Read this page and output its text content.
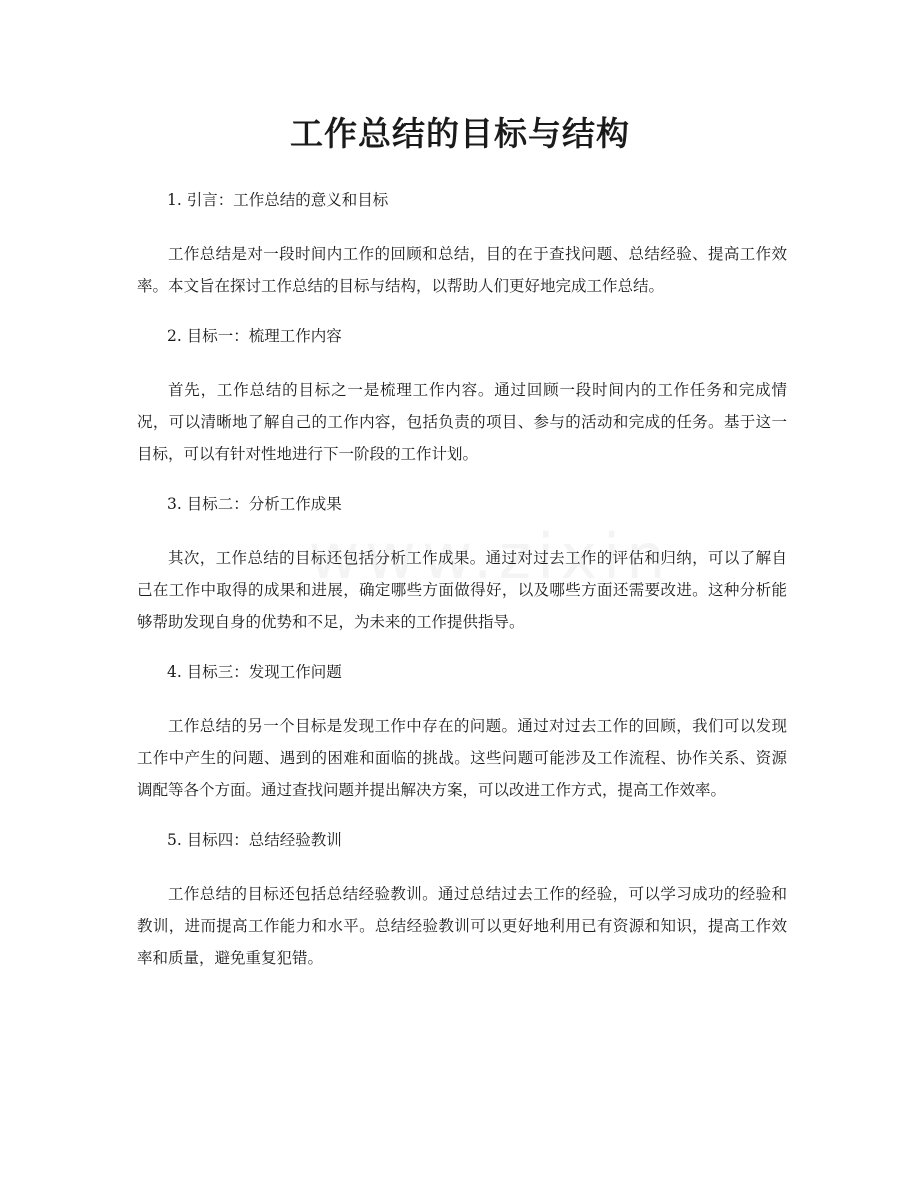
工作总结的目标与结构

1. 引言：工作总结的意义和目标

工作总结是对一段时间内工作的回顾和总结，目的在于查找问题、总结经验、提高工作效率。本文旨在探讨工作总结的目标与结构，以帮助人们更好地完成工作总结。

2. 目标一：梳理工作内容

首先，工作总结的目标之一是梳理工作内容。通过回顾一段时间内的工作任务和完成情况，可以清晰地了解自己的工作内容，包括负责的项目、参与的活动和完成的任务。基于这一目标，可以有针对性地进行下一阶段的工作计划。

3. 目标二：分析工作成果

其次，工作总结的目标还包括分析工作成果。通过对过去工作的评估和归纳，可以了解自己在工作中取得的成果和进展，确定哪些方面做得好，以及哪些方面还需要改进。这种分析能够帮助发现自身的优势和不足，为未来的工作提供指导。

4. 目标三：发现工作问题

工作总结的另一个目标是发现工作中存在的问题。通过对过去工作的回顾，我们可以发现工作中产生的问题、遇到的困难和面临的挑战。这些问题可能涉及工作流程、协作关系、资源调配等各个方面。通过查找问题并提出解决方案，可以改进工作方式，提高工作效率。

5. 目标四：总结经验教训

工作总结的目标还包括总结经验教训。通过总结过去工作的经验，可以学习成功的经验和教训，进而提高工作能力和水平。总结经验教训可以更好地利用已有资源和知识，提高工作效率和质量，避免重复犯错。
